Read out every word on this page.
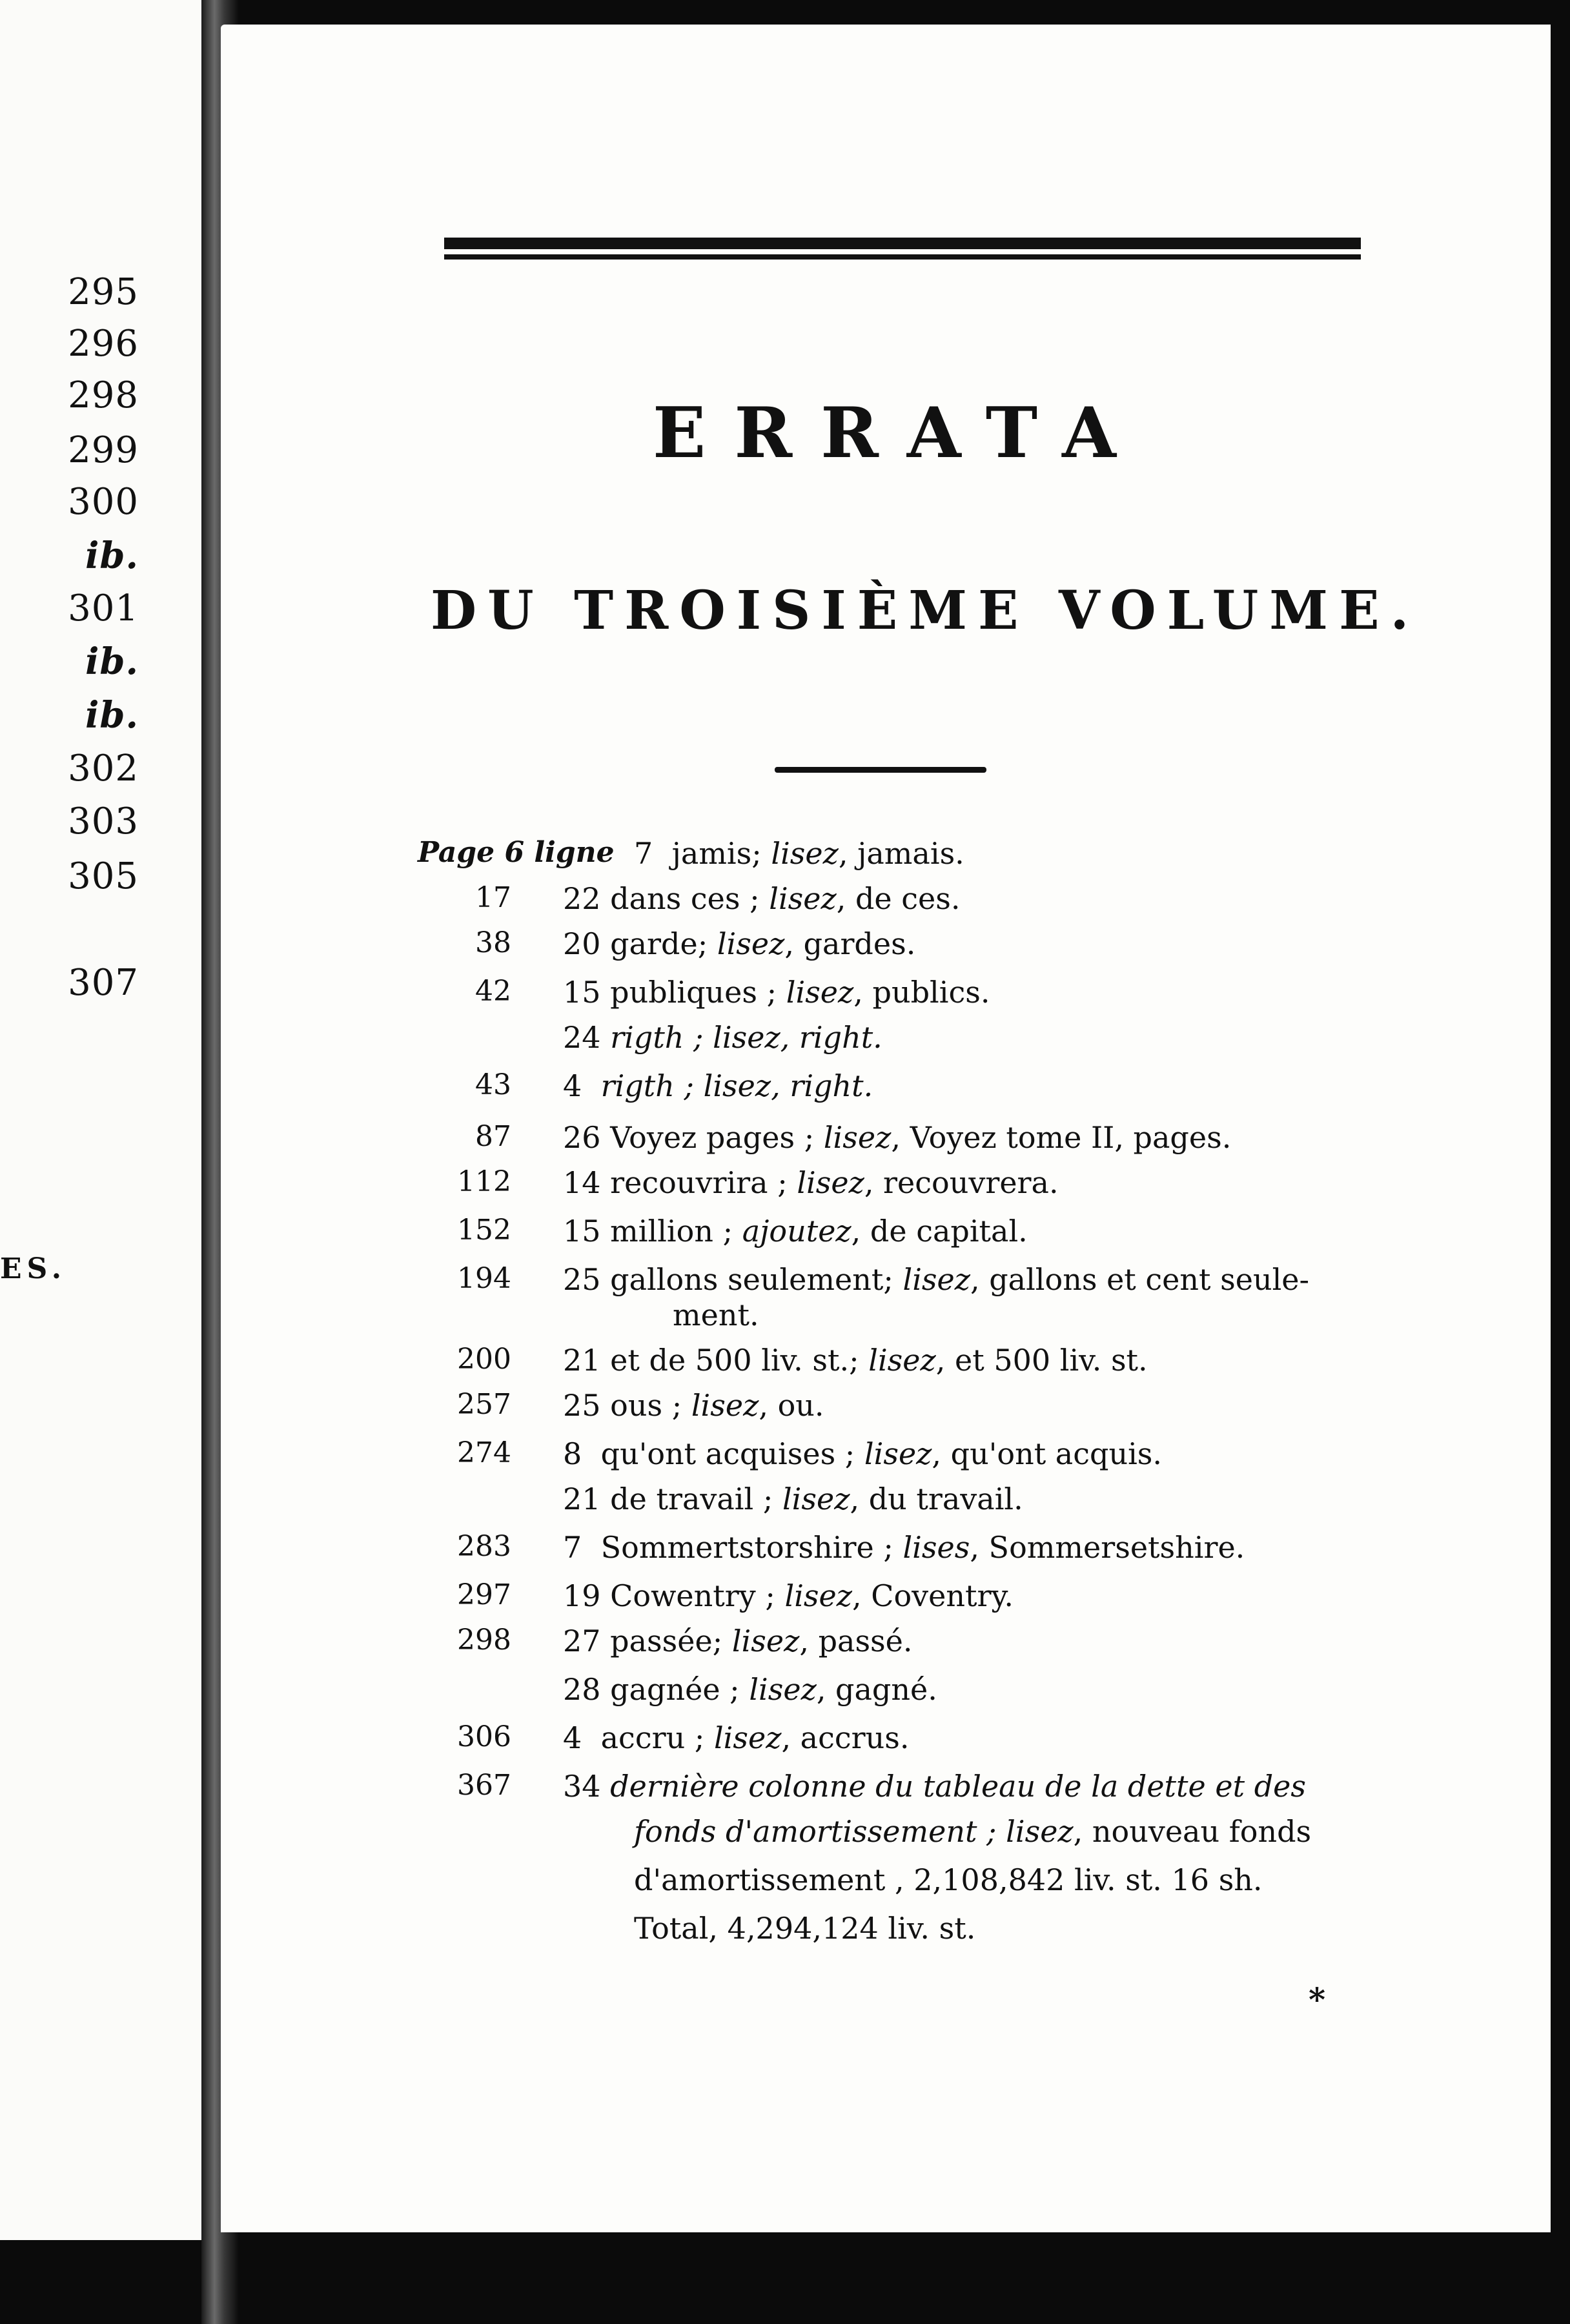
295
296
298
299
300
ib.
301
ib.
ib.
302
303
305
307
ES.
ERRATA
DU TROISIÈME VOLUME.
Page 6 ligne 7 jamis; lisez, jamais.
17 22 dans ces ; lisez, de ces.
38 20 garde; lisez, gardes.
42 15 publiques ; lisez, publics.
24 rigth ; lisez, right.
43 4 rigth ; lisez, right.
87 26 Voyez pages ; lisez, Voyez tome II, pages.
112 14 recouvrira ; lisez, recouvrera.
152 15 million ; ajoutez, de capital.
194 25 gallons seulement; lisez, gallons et cent seule-
ment.
200 21 et de 500 liv. st.; lisez, et 500 liv. st.
257 25 ous ; lisez, ou.
274 8 qu'ont acquises ; lisez, qu'ont acquis.
21 de travail ; lisez, du travail.
283 7 Sommertstorshire ; lises, Sommersetshire.
297 19 Cowentry ; lisez, Coventry.
298 27 passée; lisez, passé.
28 gagnée ; lisez, gagné.
306 4 accru ; lisez, accrus.
367 34 dernière colonne du tableau de la dette et des
fonds d'amortissement ; lisez, nouveau fonds
d'amortissement , 2,108,842 liv. st. 16 sh.
Total, 4,294,124 liv. st.
*
